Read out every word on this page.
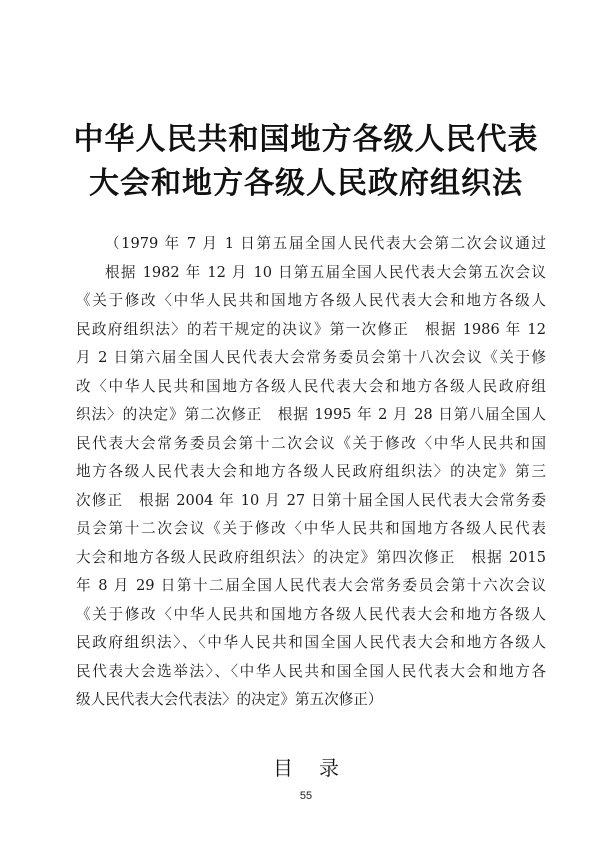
中华人民共和国地方各级人民代表
大会和地方各级人民政府组织法
（1979 年 7 月 1 日第五届全国人民代表大会第二次会议通过
根据 1982 年 12 月 10 日第五届全国人民代表大会第五次会议
《关于修改〈中华人民共和国地方各级人民代表大会和地方各级人
民政府组织法〉的若干规定的决议》第一次修正　根据 1986 年 12
月 2 日第六届全国人民代表大会常务委员会第十八次会议《关于修
改〈中华人民共和国地方各级人民代表大会和地方各级人民政府组
织法〉的决定》第二次修正　根据 1995 年 2 月 28 日第八届全国人
民代表大会常务委员会第十二次会议《关于修改〈中华人民共和国
地方各级人民代表大会和地方各级人民政府组织法〉的决定》第三
次修正　根据 2004 年 10 月 27 日第十届全国人民代表大会常务委
员会第十二次会议《关于修改〈中华人民共和国地方各级人民代表
大会和地方各级人民政府组织法〉的决定》第四次修正　根据 2015
年 8 月 29 日第十二届全国人民代表大会常务委员会第十六次会议
《关于修改〈中华人民共和国地方各级人民代表大会和地方各级人
民政府组织法〉、〈中华人民共和国全国人民代表大会和地方各级人
民代表大会选举法〉、〈中华人民共和国全国人民代表大会和地方各
级人民代表大会代表法〉的决定》第五次修正）
目录
55
